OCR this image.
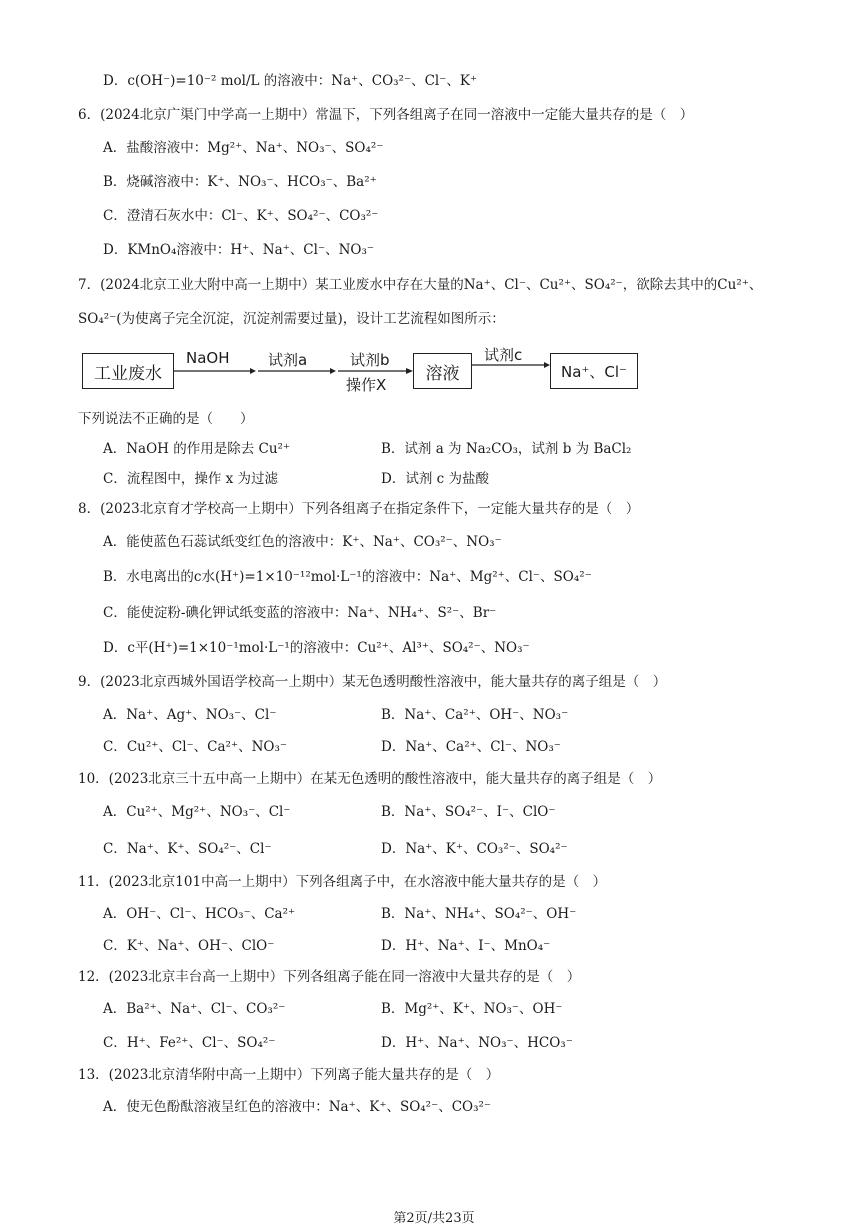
D．c(OH⁻)=10⁻² mol/L 的溶液中：Na⁺、CO₃²⁻、Cl⁻、K⁺
6．(2024北京广渠门中学高一上期中）常温下，下列各组离子在同一溶液中一定能大量共存的是（　）
A．盐酸溶液中：Mg²⁺、Na⁺、NO₃⁻、SO₄²⁻
B．烧碱溶液中：K⁺、NO₃⁻、HCO₃⁻、Ba²⁺
C．澄清石灰水中：Cl⁻、K⁺、SO₄²⁻、CO₃²⁻
D．KMnO₄溶液中：H⁺、Na⁺、Cl⁻、NO₃⁻
7．(2024北京工业大附中高一上期中）某工业废水中存在大量的Na⁺、Cl⁻、Cu²⁺、SO₄²⁻，欲除去其中的Cu²⁺、
SO₄²⁻(为使离子完全沉淀，沉淀剂需要过量)，设计工艺流程如图所示：
工业废水
NaOH	试剂a	试剂b
操作X
溶液
试剂c
Na⁺、Cl⁻
下列说法不正确的是（　　）
A．NaOH 的作用是除去 Cu²⁺	B．试剂 a 为 Na₂CO₃，试剂 b 为 BaCl₂
C．流程图中，操作 x 为过滤	D．试剂 c 为盐酸
8．(2023北京育才学校高一上期中）下列各组离子在指定条件下，一定能大量共存的是（　）
A．能使蓝色石蕊试纸变红色的溶液中：K⁺、Na⁺、CO₃²⁻、NO₃⁻
B．水电离出的c水(H⁺)=1×10⁻¹²mol·L⁻¹的溶液中：Na⁺、Mg²⁺、Cl⁻、SO₄²⁻
C．能使淀粉-碘化钾试纸变蓝的溶液中：Na⁺、NH₄⁺、S²⁻、Br⁻
D．c平(H⁺)=1×10⁻¹mol·L⁻¹的溶液中：Cu²⁺、Al³⁺、SO₄²⁻、NO₃⁻
9．(2023北京西城外国语学校高一上期中）某无色透明酸性溶液中，能大量共存的离子组是（　）
A．Na⁺、Ag⁺、NO₃⁻、Cl⁻	B．Na⁺、Ca²⁺、OH⁻、NO₃⁻
C．Cu²⁺、Cl⁻、Ca²⁺、NO₃⁻	D．Na⁺、Ca²⁺、Cl⁻、NO₃⁻
10．(2023北京三十五中高一上期中）在某无色透明的酸性溶液中，能大量共存的离子组是（　）
A．Cu²⁺、Mg²⁺、NO₃⁻、Cl⁻	B．Na⁺、SO₄²⁻、I⁻、ClO⁻
C．Na⁺、K⁺、SO₄²⁻、Cl⁻	D．Na⁺、K⁺、CO₃²⁻、SO₄²⁻
11．(2023北京101中高一上期中）下列各组离子中，在水溶液中能大量共存的是（　）
A．OH⁻、Cl⁻、HCO₃⁻、Ca²⁺	B．Na⁺、NH₄⁺、SO₄²⁻、OH⁻
C．K⁺、Na⁺、OH⁻、ClO⁻	D．H⁺、Na⁺、I⁻、MnO₄⁻
12．(2023北京丰台高一上期中）下列各组离子能在同一溶液中大量共存的是（　）
A．Ba²⁺、Na⁺、Cl⁻、CO₃²⁻	B．Mg²⁺、K⁺、NO₃⁻、OH⁻
C．H⁺、Fe²⁺、Cl⁻、SO₄²⁻	D．H⁺、Na⁺、NO₃⁻、HCO₃⁻
13．(2023北京清华附中高一上期中）下列离子能大量共存的是（　）
A．使无色酚酞溶液呈红色的溶液中：Na⁺、K⁺、SO₄²⁻、CO₃²⁻
第2页/共23页
